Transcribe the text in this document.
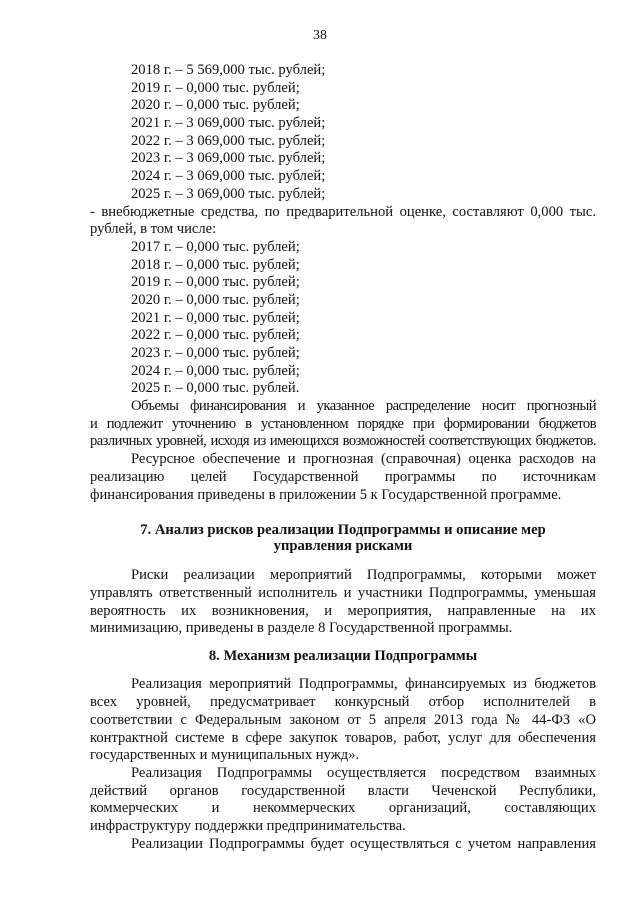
38
2018 г. – 5 569,000 тыс. рублей;
2019 г. – 0,000 тыс. рублей;
2020 г. – 0,000 тыс. рублей;
2021 г. – 3 069,000 тыс. рублей;
2022 г. – 3 069,000 тыс. рублей;
2023 г. – 3 069,000 тыс. рублей;
2024 г. – 3 069,000 тыс. рублей;
2025 г. – 3 069,000 тыс. рублей;
- внебюджетные средства, по предварительной оценке, составляют 0,000 тыс.
рублей, в том числе:
2017 г. – 0,000 тыс. рублей;
2018 г. – 0,000 тыс. рублей;
2019 г. – 0,000 тыс. рублей;
2020 г. – 0,000 тыс. рублей;
2021 г. – 0,000 тыс. рублей;
2022 г. – 0,000 тыс. рублей;
2023 г. – 0,000 тыс. рублей;
2024 г. – 0,000 тыс. рублей;
2025 г. – 0,000 тыс. рублей.
Объемы финансирования и указанное распределение носит прогнозный
и подлежит уточнению в установленном порядке при формировании бюджетов
различных уровней, исходя из имеющихся возможностей соответствующих бюджетов.
Ресурсное обеспечение и прогнозная (справочная) оценка расходов на
реализацию целей Государственной программы по источникам
финансирования приведены в приложении 5 к Государственной программе.
7. Анализ рисков реализации Подпрограммы и описание мер
управления рисками
Риски реализации мероприятий Подпрограммы, которыми может
управлять ответственный исполнитель и участники Подпрограммы, уменьшая
вероятность их возникновения, и мероприятия, направленные на их
минимизацию, приведены в разделе 8 Государственной программы.
8. Механизм реализации Подпрограммы
Реализация мероприятий Подпрограммы, финансируемых из бюджетов
всех уровней, предусматривает конкурсный отбор исполнителей в
соответствии с Федеральным законом от 5 апреля 2013 года № 44-ФЗ «О
контрактной системе в сфере закупок товаров, работ, услуг для обеспечения
государственных и муниципальных нужд».
Реализация Подпрограммы осуществляется посредством взаимных
действий органов государственной власти Чеченской Республики,
коммерческих и некоммерческих организаций, составляющих
инфраструктуру поддержки предпринимательства.
Реализации Подпрограммы будет осуществляться с учетом направления
